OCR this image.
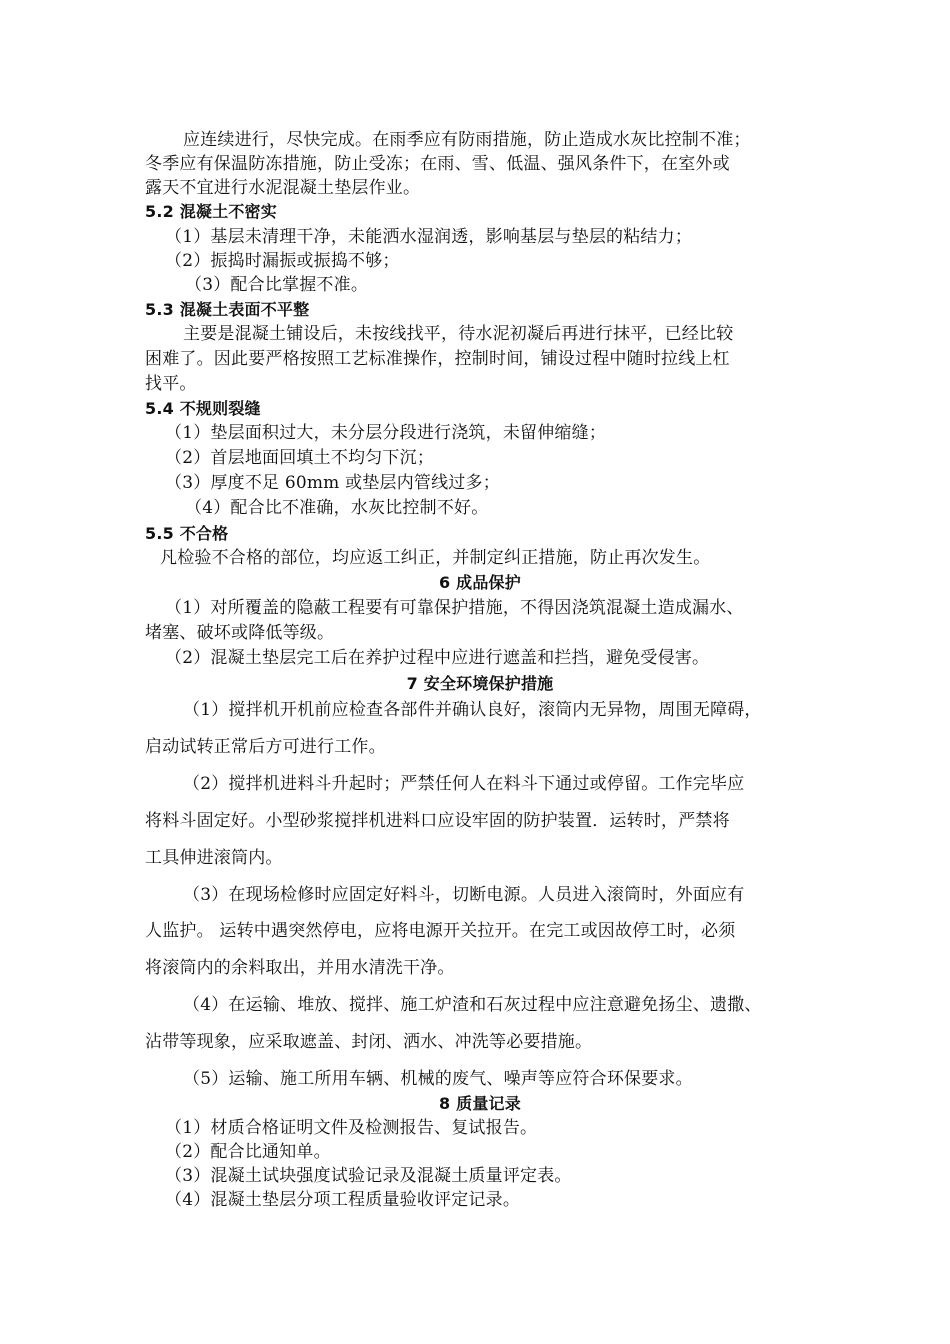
应连续进行，尽快完成。在雨季应有防雨措施，防止造成水灰比控制不准；
冬季应有保温防冻措施，防止受冻；在雨、雪、低温、强风条件下，在室外或
露天不宜进行水泥混凝土垫层作业。
5.2 混凝土不密实
（1）基层未清理干净，未能洒水湿润透，影响基层与垫层的粘结力；
（2）振捣时漏振或振捣不够；
（3）配合比掌握不准。
5.3 混凝土表面不平整
主要是混凝土铺设后，未按线找平，待水泥初凝后再进行抹平，已经比较
困难了。因此要严格按照工艺标准操作，控制时间，铺设过程中随时拉线上杠
找平。
5.4 不规则裂缝
（1）垫层面积过大，未分层分段进行浇筑，未留伸缩缝；
（2）首层地面回填土不均匀下沉；
（3）厚度不足 60mm 或垫层内管线过多；
（4）配合比不准确，水灰比控制不好。
5.5 不合格
凡检验不合格的部位，均应返工纠正，并制定纠正措施，防止再次发生。
6 成品保护
（1）对所覆盖的隐蔽工程要有可靠保护措施，不得因浇筑混凝土造成漏水、
堵塞、破坏或降低等级。
（2）混凝土垫层完工后在养护过程中应进行遮盖和拦挡，避免受侵害。
7 安全环境保护措施
（1）搅拌机开机前应检查各部件并确认良好，滚筒内无异物，周围无障碍，
启动试转正常后方可进行工作。
（2）搅拌机进料斗升起时；严禁任何人在料斗下通过或停留。工作完毕应
将料斗固定好。小型砂浆搅拌机进料口应设牢固的防护装置．运转时，严禁将
工具伸进滚筒内。
（3）在现场检修时应固定好料斗，切断电源。人员进入滚筒时，外面应有
人监护。 运转中遇突然停电，应将电源开关拉开。在完工或因故停工时，必须
将滚筒内的余料取出，并用水清洗干净。
（4）在运输、堆放、搅拌、施工炉渣和石灰过程中应注意避免扬尘、遗撒、
沾带等现象，应采取遮盖、封闭、洒水、冲洗等必要措施。
（5）运输、施工所用车辆、机械的废气、噪声等应符合环保要求。
8 质量记录
（1）材质合格证明文件及检测报告、复试报告。
（2）配合比通知单。
（3）混凝土试块强度试验记录及混凝土质量评定表。
（4）混凝土垫层分项工程质量验收评定记录。
